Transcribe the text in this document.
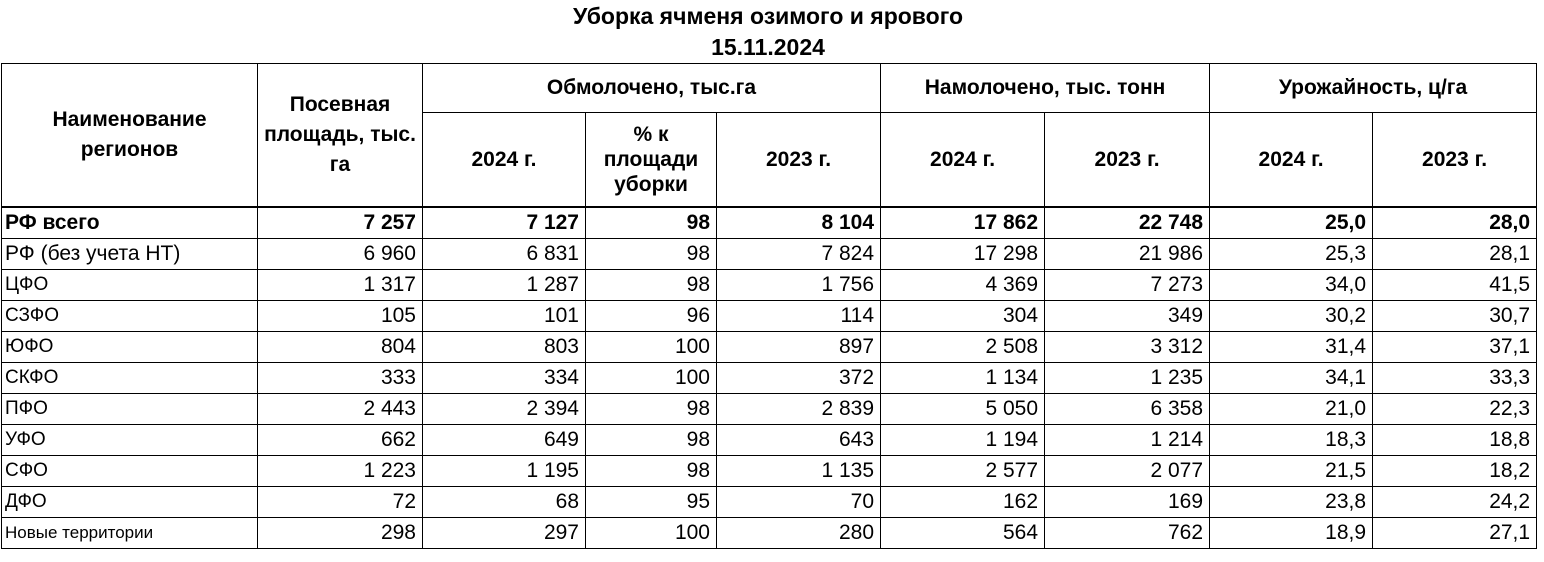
Уборка ячменя озимого и ярового
15.11.2024
Наименование регионов	Посевная площадь, тыс. га	Обмолочено, тыс.га			Намолочено, тыс. тонн		Урожайность, ц/га	
		2024 г.	% к площади уборки	2023 г.	2024 г.	2023 г.	2024 г.	2023 г.
РФ всего	7 257	7 127	98	8 104	17 862	22 748	25,0	28,0
РФ (без учета НТ)	6 960	6 831	98	7 824	17 298	21 986	25,3	28,1
ЦФО	1 317	1 287	98	1 756	4 369	7 273	34,0	41,5
СЗФО	105	101	96	114	304	349	30,2	30,7
ЮФО	804	803	100	897	2 508	3 312	31,4	37,1
СКФО	333	334	100	372	1 134	1 235	34,1	33,3
ПФО	2 443	2 394	98	2 839	5 050	6 358	21,0	22,3
УФО	662	649	98	643	1 194	1 214	18,3	18,8
СФО	1 223	1 195	98	1 135	2 577	2 077	21,5	18,2
ДФО	72	68	95	70	162	169	23,8	24,2
Новые территории	298	297	100	280	564	762	18,9	27,1
